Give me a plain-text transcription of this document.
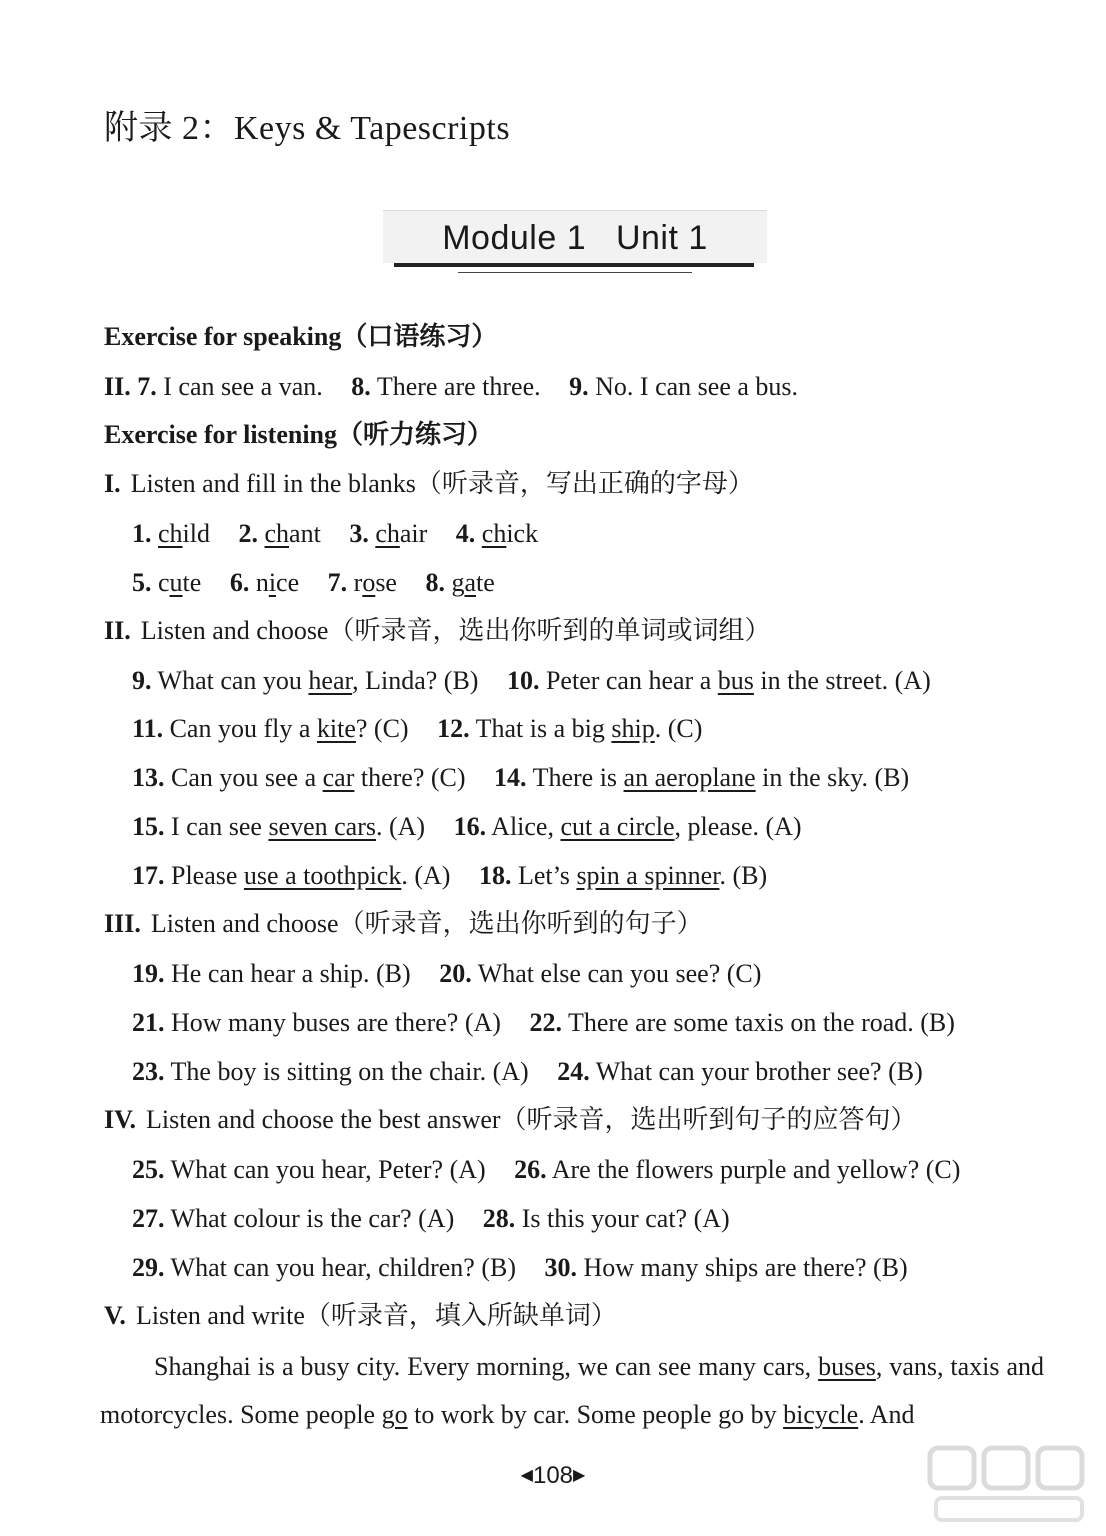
附录 2：Keys & Tapescripts
Module 1   Unit 1
Exercise for speaking（口语练习）
II. 7. I can see a van. 8. There are three. 9. No. I can see a bus.
Exercise for listening（听力练习）
I. Listen and fill in the blanks（听录音，写出正确的字母）
1. child 2. chant 3. chair 4. chick
5. cute 6. nice 7. rose 8. gate
II. Listen and choose（听录音，选出你听到的单词或词组）
9. What can you hear, Linda? (B) 10. Peter can hear a bus in the street. (A)
11. Can you fly a kite? (C) 12. That is a big ship. (C)
13. Can you see a car there? (C) 14. There is an aeroplane in the sky. (B)
15. I can see seven cars. (A) 16. Alice, cut a circle, please. (A)
17. Please use a toothpick. (A) 18. Let’s spin a spinner. (B)
III. Listen and choose（听录音，选出你听到的句子）
19. He can hear a ship. (B) 20. What else can you see? (C)
21. How many buses are there? (A) 22. There are some taxis on the road. (B)
23. The boy is sitting on the chair. (A) 24. What can your brother see? (B)
IV. Listen and choose the best answer（听录音，选出听到句子的应答句）
25. What can you hear, Peter? (A) 26. Are the flowers purple and yellow? (C)
27. What colour is the car? (A) 28. Is this your cat? (A)
29. What can you hear, children? (B) 30. How many ships are there? (B)
V. Listen and write（听录音，填入所缺单词）
Shanghai is a busy city. Every morning, we can see many cars, buses, vans, taxis and motorcycles. Some people go to work by car. Some people go by bicycle. And
◀108▶
